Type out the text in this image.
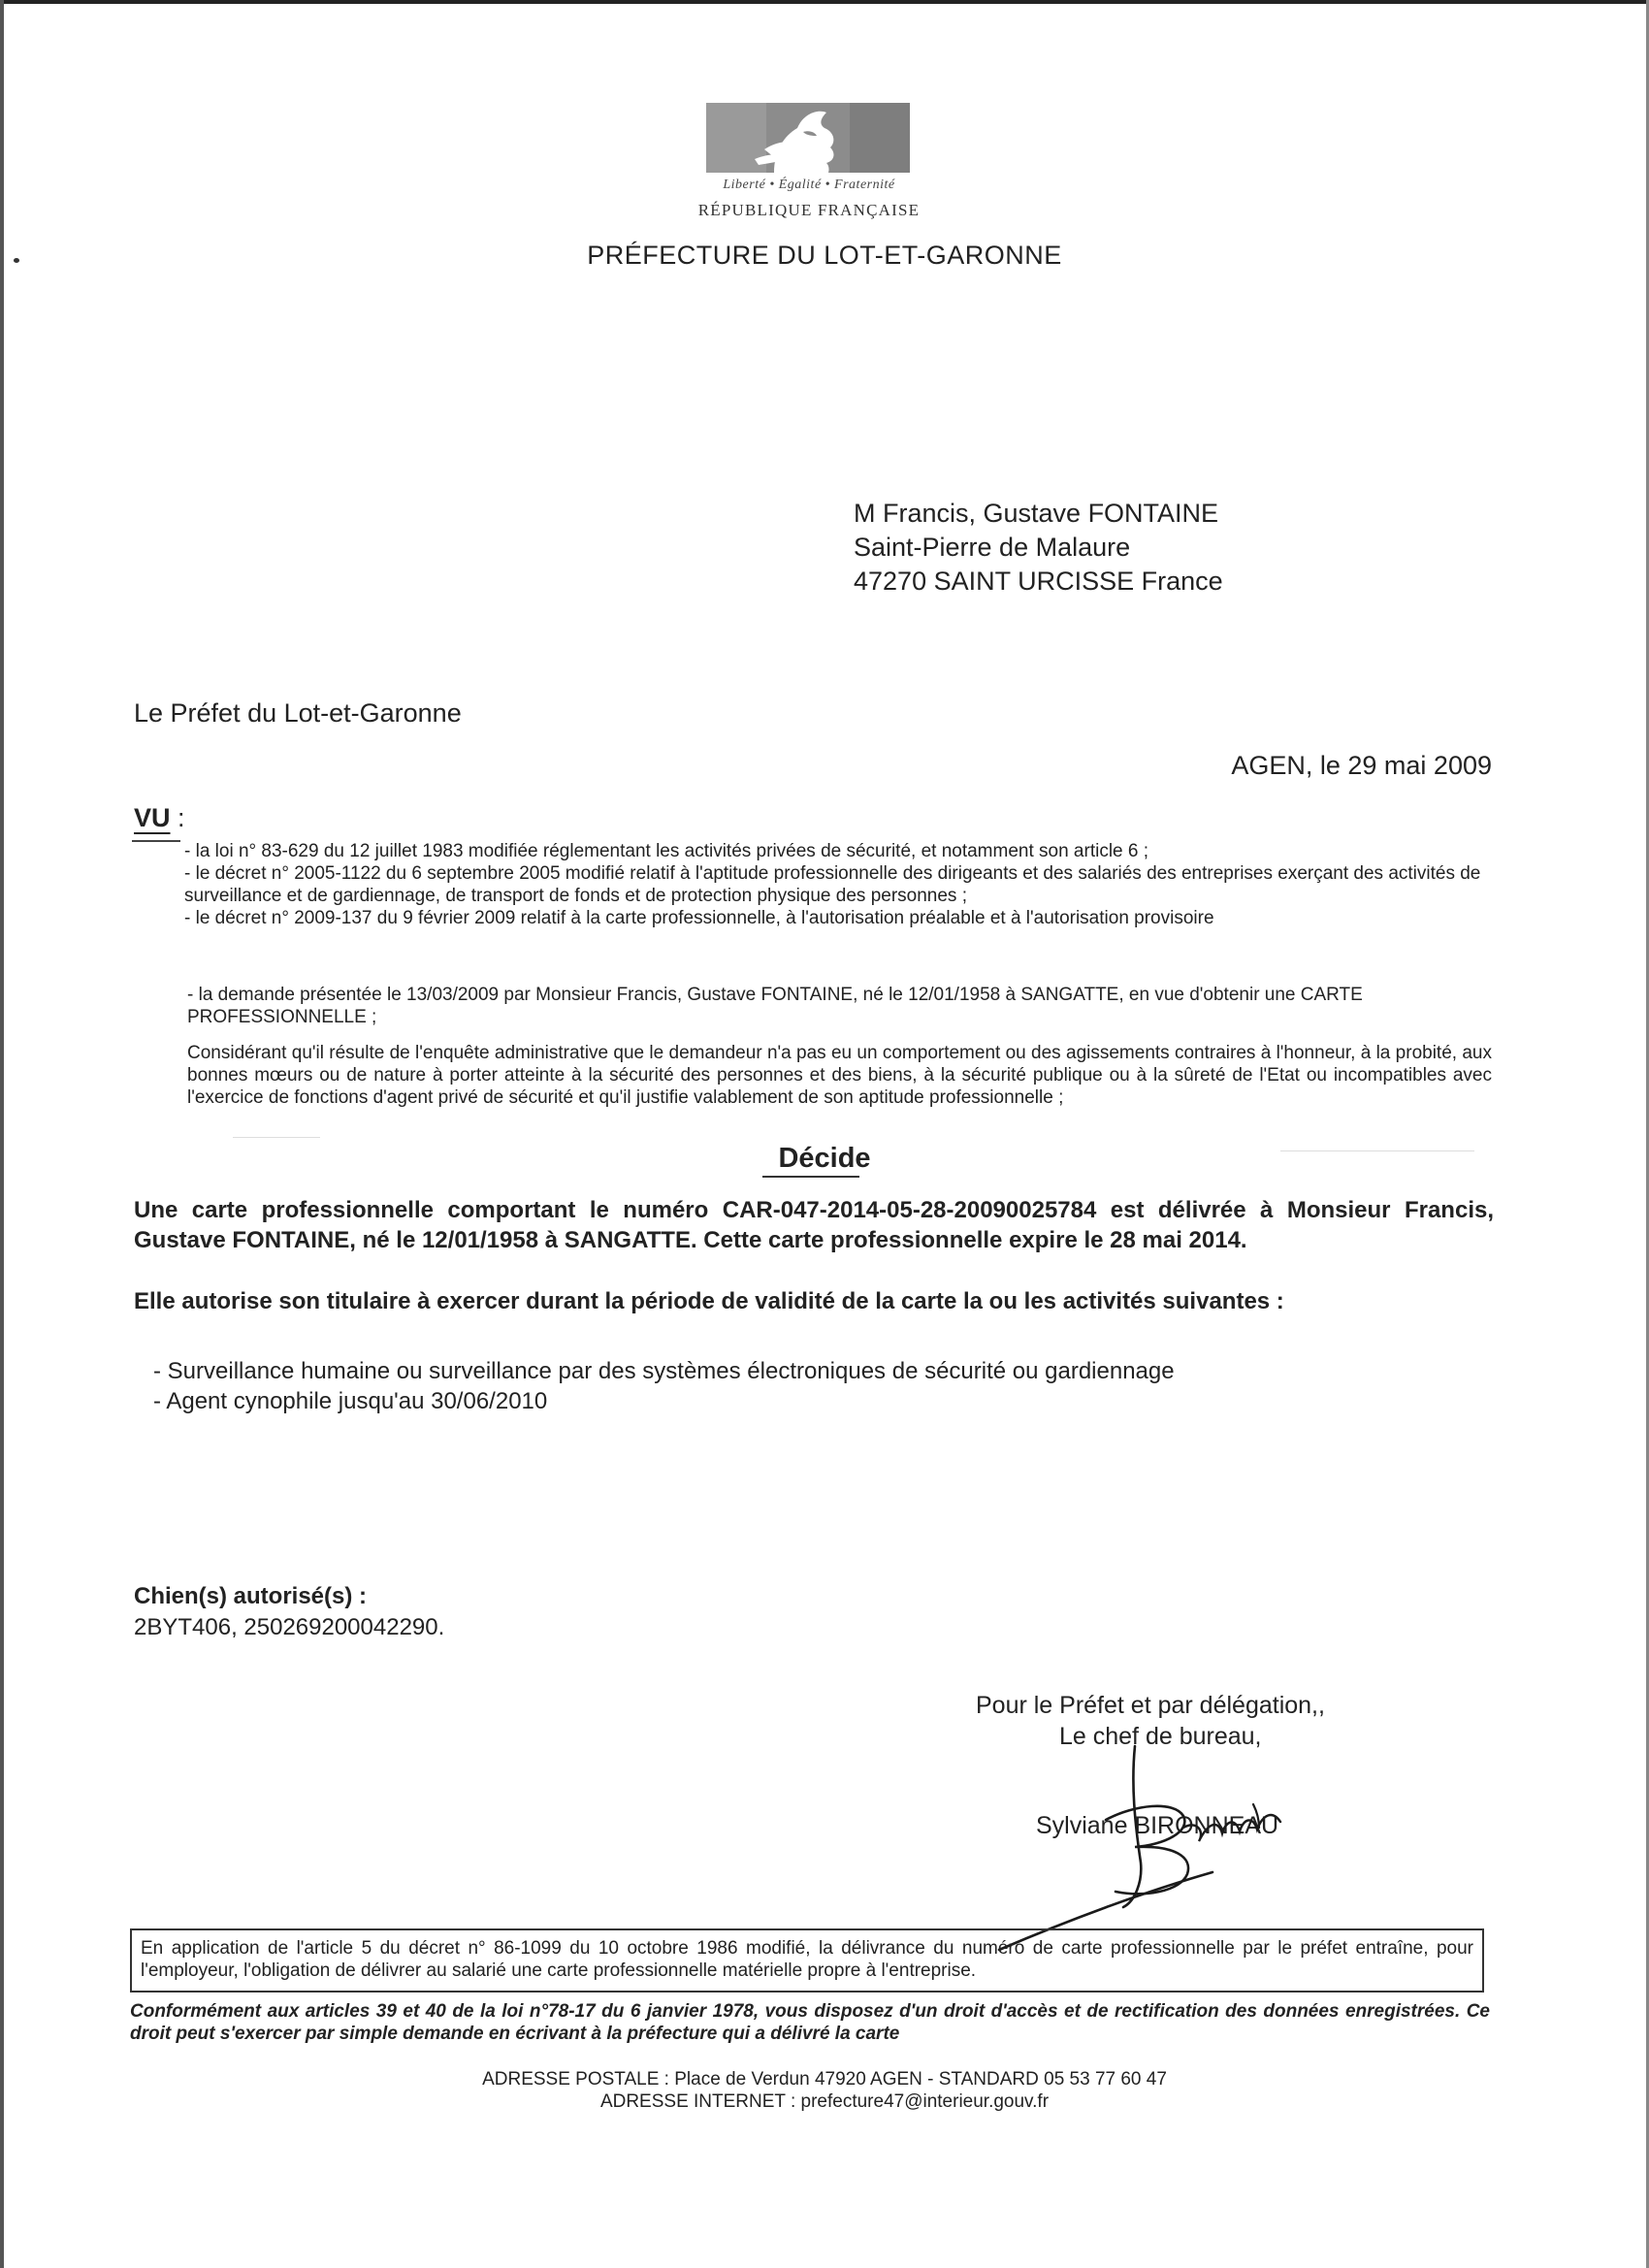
Liberté • Égalité • Fraternité
RÉPUBLIQUE FRANÇAISE
PRÉFECTURE DU LOT-ET-GARONNE
M Francis, Gustave FONTAINE
Saint-Pierre de Malaure
47270 SAINT URCISSE France
Le Préfet du Lot-et-Garonne
AGEN, le 29 mai 2009
VU :

- la loi n° 83-629 du 12 juillet 1983 modifiée réglementant les activités privées de sécurité, et notamment son article 6 ;

- le décret n° 2005-1122 du 6 septembre 2005 modifié relatif à l'aptitude professionnelle des dirigeants et des salariés des entreprises exerçant des activités de surveillance et de gardiennage, de transport de fonds et de protection physique des personnes ;

- le décret n° 2009-137 du 9 février 2009 relatif à la carte professionnelle, à l'autorisation préalable et à l'autorisation provisoire

- la demande présentée le 13/03/2009 par Monsieur Francis, Gustave FONTAINE, né le 12/01/1958 à SANGATTE, en vue d'obtenir une CARTE PROFESSIONNELLE ;

Considérant qu'il résulte de l'enquête administrative que le demandeur n'a pas eu un comportement ou des agissements contraires à l'honneur, à la probité, aux bonnes mœurs ou de nature à porter atteinte à la sécurité des personnes et des biens, à la sécurité publique ou à la sûreté de l'Etat ou incompatibles avec l'exercice de fonctions d'agent privé de sécurité et qu'il justifie valablement de son aptitude professionnelle ;

Décide

Une carte professionnelle comportant le numéro CAR-047-2014-05-28-20090025784 est délivrée à Monsieur Francis, Gustave FONTAINE, né le 12/01/1958 à SANGATTE. Cette carte professionnelle expire le 28 mai 2014.

Elle autorise son titulaire à exercer durant la période de validité de la carte la ou les activités suivantes :
- Surveillance humaine ou surveillance par des systèmes électroniques de sécurité ou gardiennage
- Agent cynophile jusqu'au 30/06/2010
Chien(s) autorisé(s) :
2BYT406, 250269200042290.
Pour le Préfet et par délégation,,
Le chef de bureau,
Sylviane BIRONNEAU

En application de l'article 5 du décret n° 86-1099 du 10 octobre 1986 modifié, la délivrance du numéro de carte professionnelle par le préfet entraîne, pour l'employeur, l'obligation de délivrer au salarié une carte professionnelle matérielle propre à l'entreprise.

Conformément aux articles 39 et 40 de la loi n°78-17 du 6 janvier 1978, vous disposez d'un droit d'accès et de rectification des données enregistrées. Ce droit peut s'exercer par simple demande en écrivant à la préfecture qui a délivré la carte

ADRESSE POSTALE : Place de Verdun 47920 AGEN - STANDARD 05 53 77 60 47
ADRESSE INTERNET : prefecture47@interieur.gouv.fr
